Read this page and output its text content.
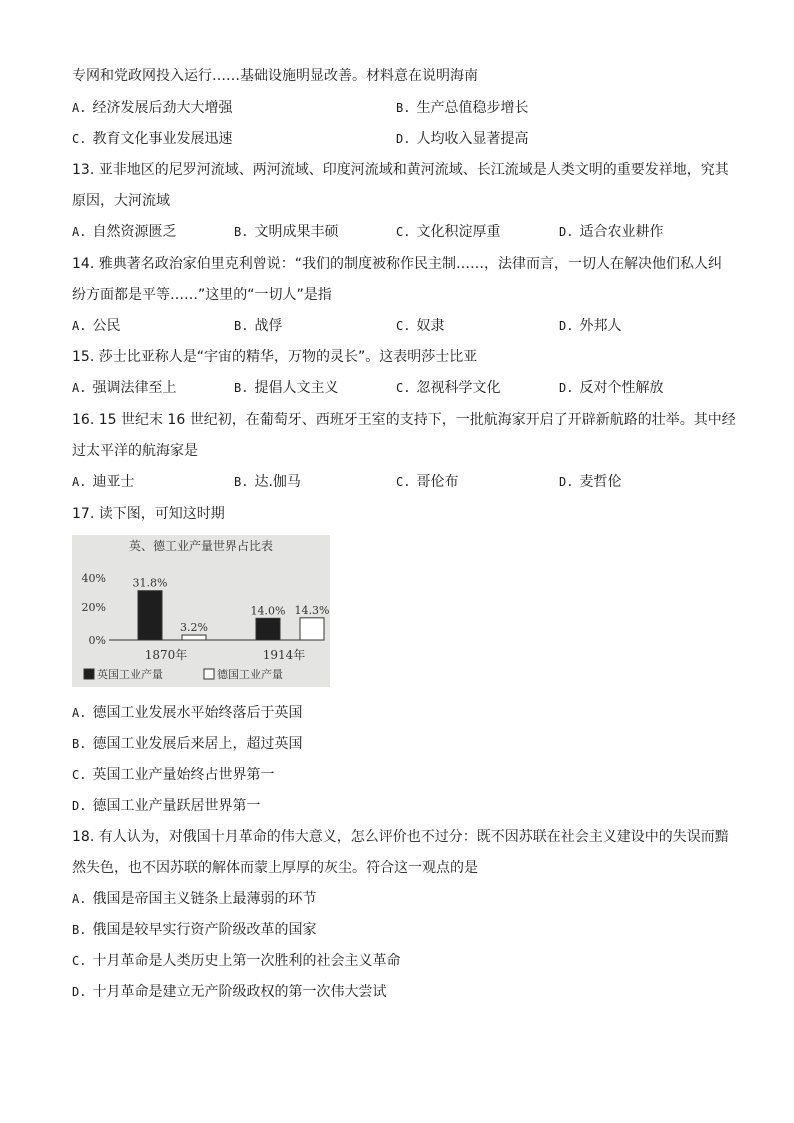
专网和党政网投入运行……基础设施明显改善。材料意在说明海南
A. 经济发展后劲大大增强	B. 生产总值稳步增长
C. 教育文化事业发展迅速	D. 人均收入显著提高
13. 亚非地区的尼罗河流域、两河流域、印度河流域和黄河流域、长江流域是人类文明的重要发祥地，究其
原因，大河流域
A. 自然资源匮乏	B. 文明成果丰硕	C. 文化积淀厚重	D. 适合农业耕作
14. 雅典著名政治家伯里克利曾说：“我们的制度被称作民主制……，法律而言，一切人在解决他们私人纠
纷方面都是平等……”这里的“一切人”是指
A. 公民	B. 战俘	C. 奴隶	D. 外邦人
15. 莎士比亚称人是“宇宙的精华，万物的灵长”。这表明莎士比亚
A. 强调法律至上	B. 提倡人文主义	C. 忽视科学文化	D. 反对个性解放
16. 15 世纪末 16 世纪初，在葡萄牙、西班牙王室的支持下，一批航海家开启了开辟新航路的壮举。其中经
过太平洋的航海家是
A. 迪亚士	B. 达.伽马	C. 哥伦布	D. 麦哲伦
17. 读下图，可知这时期
英、德工业产量世界占比表
40%
20%
0%
1870年	1914年
英国工业产量	德国工业产量
31.8%
14.0%
3.2%
14.3%
A. 德国工业发展水平始终落后于英国
B. 德国工业发展后来居上，超过英国
C. 英国工业产量始终占世界第一
D. 德国工业产量跃居世界第一
18. 有人认为，对俄国十月革命的伟大意义，怎么评价也不过分：既不因苏联在社会主义建设中的失误而黯
然失色，也不因苏联的解体而蒙上厚厚的灰尘。符合这一观点的是
A. 俄国是帝国主义链条上最薄弱的环节
B. 俄国是较早实行资产阶级改革的国家
C. 十月革命是人类历史上第一次胜利的社会主义革命
D. 十月革命是建立无产阶级政权的第一次伟大尝试
